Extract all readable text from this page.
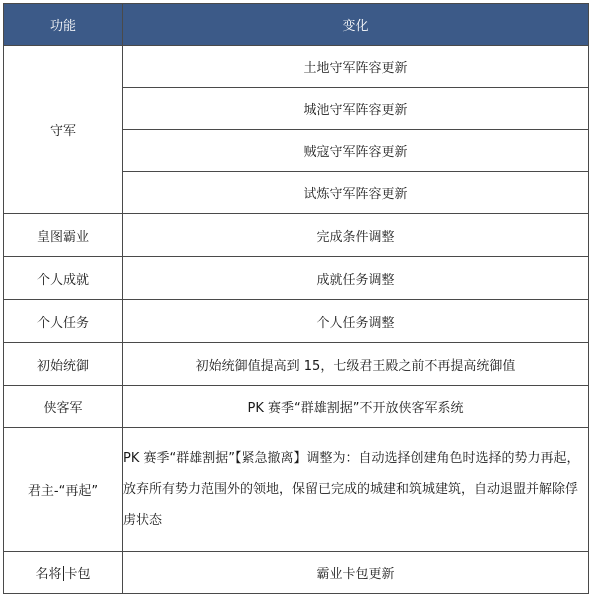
功能	变化
守军	土地守军阵容更新
	城池守军阵容更新
	贼寇守军阵容更新
	试炼守军阵容更新
皇图霸业	完成条件调整
个人成就	成就任务调整
个人任务	个人任务调整
初始统御	初始统御值提高到 15，七级君王殿之前不再提高统御值
侠客军	PK 赛季“群雄割据”不开放侠客军系统
君主-“再起”	PK 赛季“群雄割据”【紧急撤离】调整为：自动选择创建角色时选择的势力再起，放弃所有势力范围外的领地，保留已完成的城建和筑城建筑，自动退盟并解除俘虏状态

名将 卡包	霸业卡包更新
